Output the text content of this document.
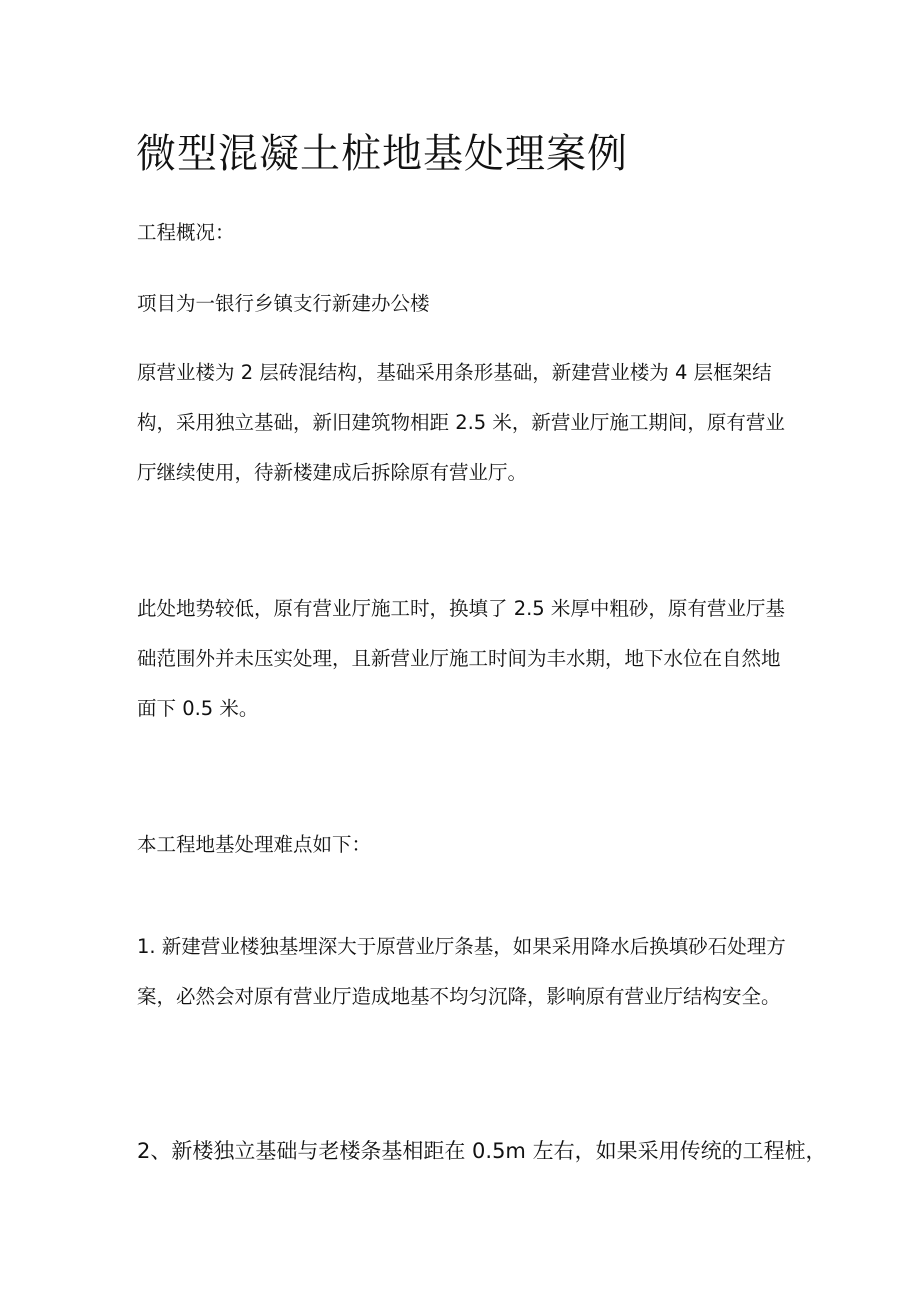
微型混凝土桩地基处理案例

工程概况：

项目为一银行乡镇支行新建办公楼

原营业楼为 2 层砖混结构，基础采用条形基础，新建营业楼为 4 层框架结构，采用独立基础，新旧建筑物相距 2.5 米，新营业厅施工期间，原有营业厅继续使用，待新楼建成后拆除原有营业厅。

此处地势较低，原有营业厅施工时，换填了 2.5 米厚中粗砂，原有营业厅基础范围外并未压实处理，且新营业厅施工时间为丰水期，地下水位在自然地面下 0.5 米。

本工程地基处理难点如下：

1. 新建营业楼独基埋深大于原营业厅条基，如果采用降水后换填砂石处理方案，必然会对原有营业厅造成地基不均匀沉降，影响原有营业厅结构安全。

2、新楼独立基础与老楼条基相距在 0.5m 左右，如果采用传统的工程桩，
